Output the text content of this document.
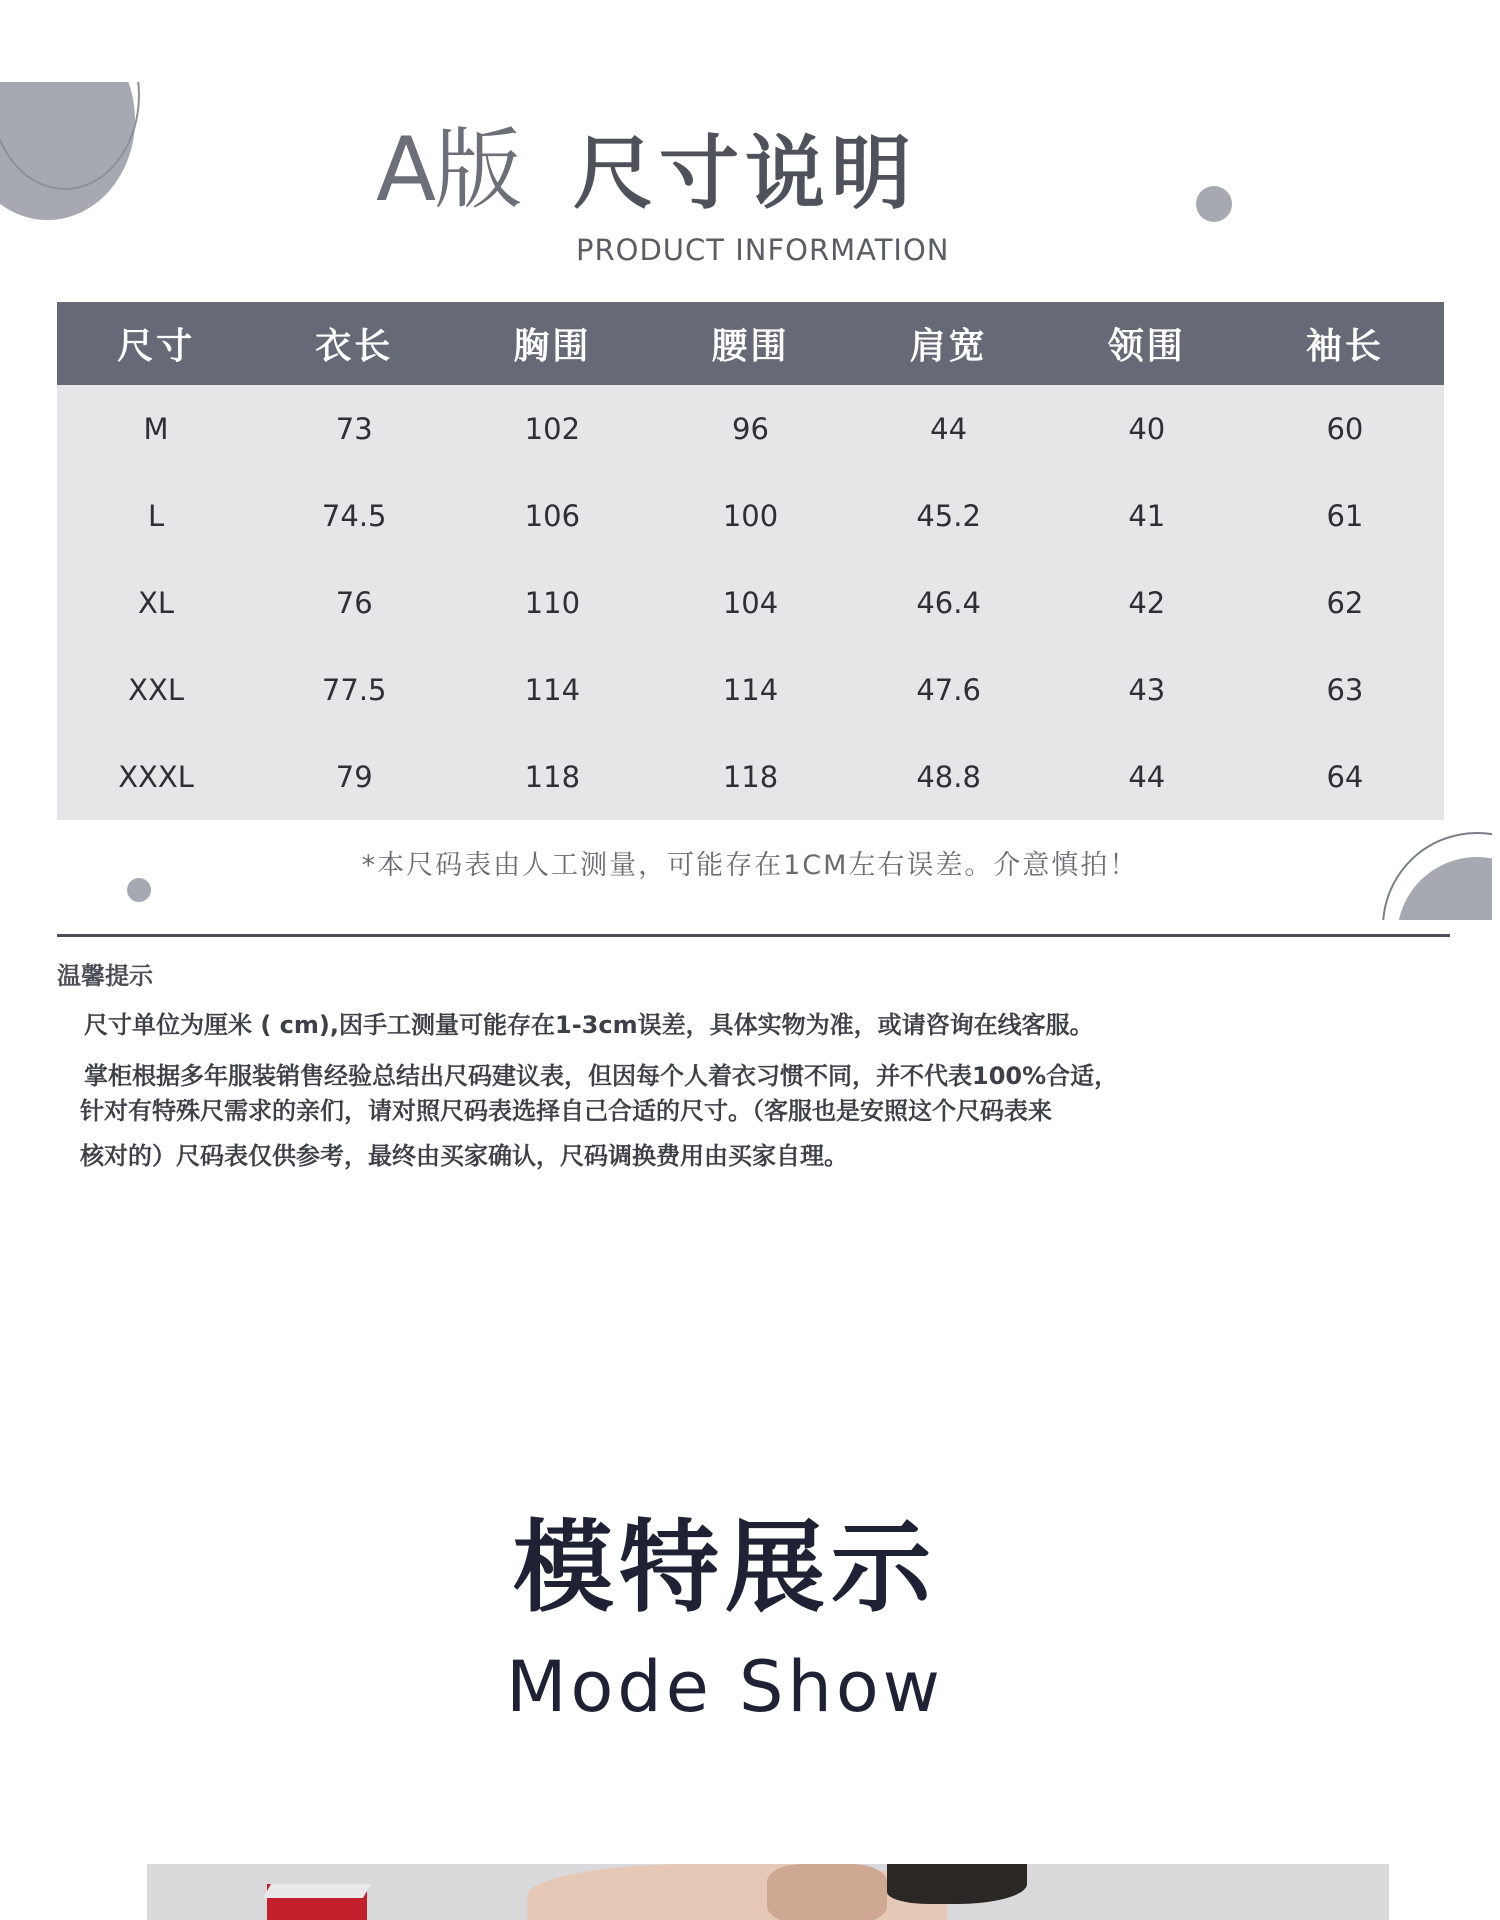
A版 尺寸说明
PRODUCT INFORMATION
尺寸	衣长	胸围	腰围	肩宽	领围	袖长
M	73	102	96	44	40	60
L	74.5	106	100	45.2	41	61
XL	76	110	104	46.4	42	62
XXL	77.5	114	114	47.6	43	63
XXXL	79	118	118	48.8	44	64
*本尺码表由人工测量，可能存在1CM左右误差。介意慎拍！
温馨提示
尺寸单位为厘米 ( cm),因手工测量可能存在1-3cm误差，具体实物为准，或请咨询在线客服。
掌柜根据多年服装销售经验总结出尺码建议表，但因每个人着衣习惯不同，并不代表100%合适，
针对有特殊尺需求的亲们，请对照尺码表选择自己合适的尺寸。（客服也是安照这个尺码表来
核对的）尺码表仅供参考，最终由买家确认，尺码调换费用由买家自理。
模特展示
Mode Show
